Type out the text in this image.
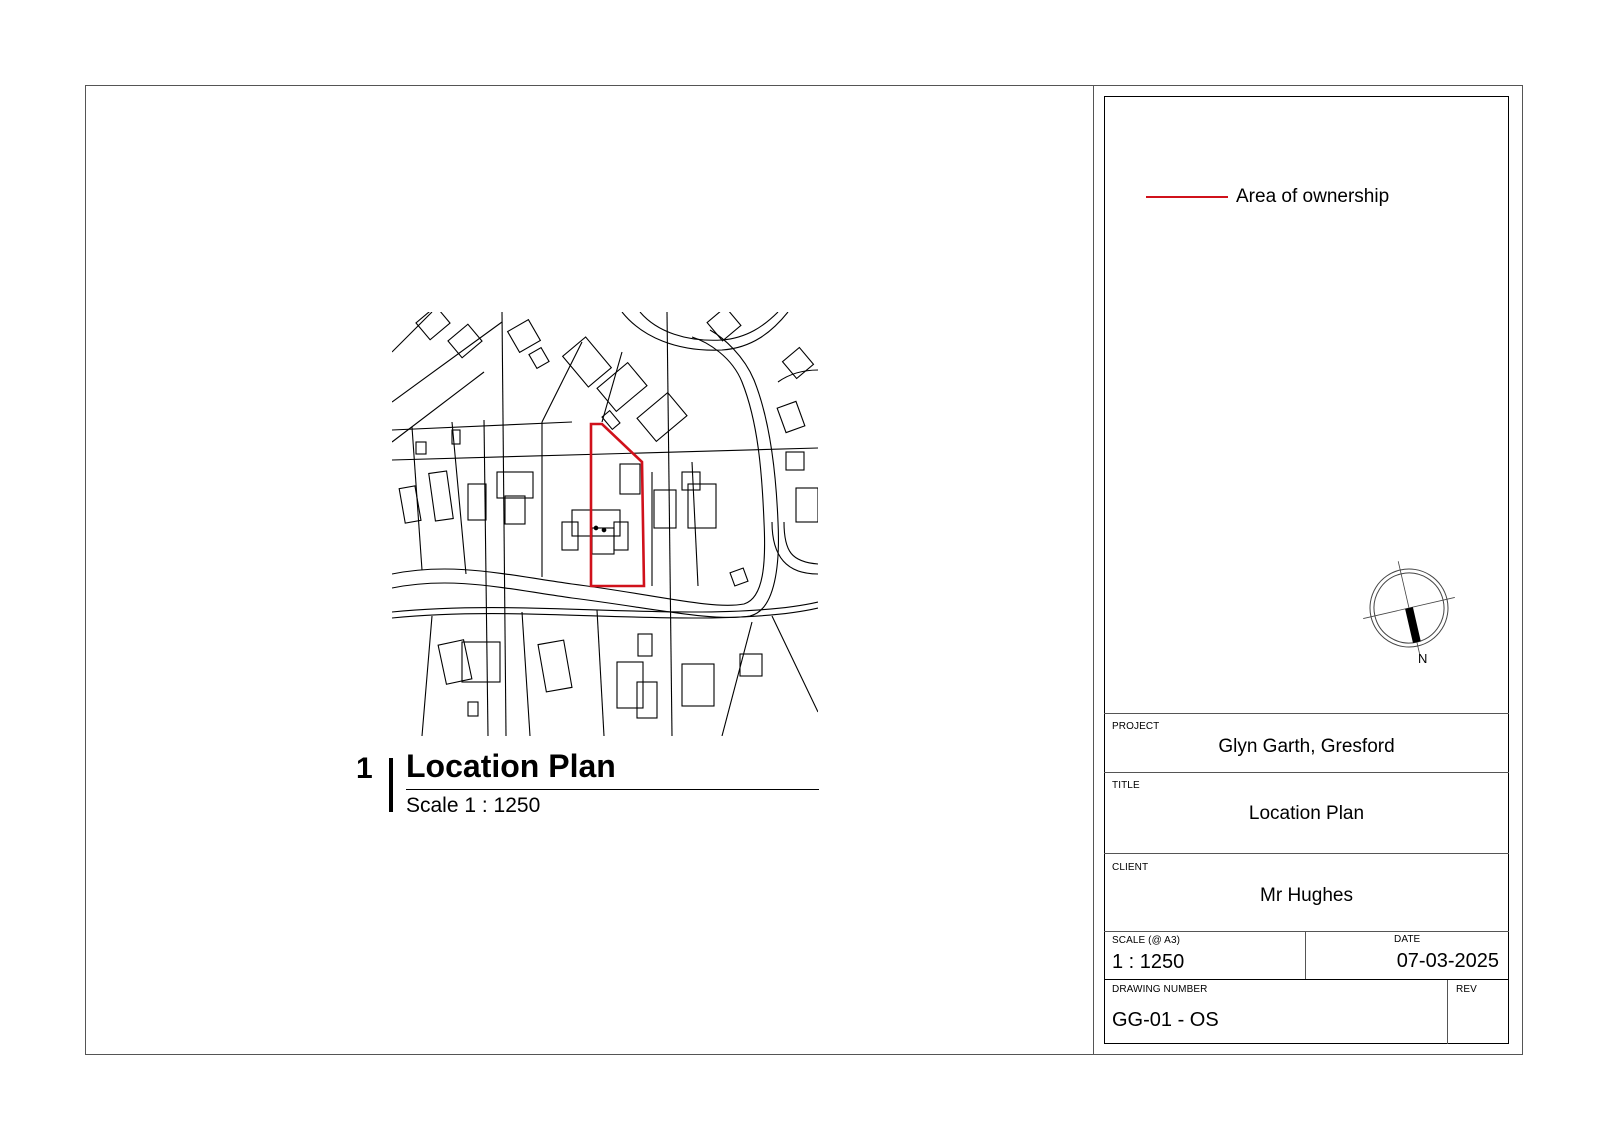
Area of ownership
N
PROJECT
Glyn Garth, Gresford
TITLE
Location Plan
CLIENT
Mr Hughes
SCALE (@ A3)
1 : 1250
DATE
07-03-2025
DRAWING NUMBER
GG-01 - OS
REV
1 Location Plan
Scale 1 : 1250
